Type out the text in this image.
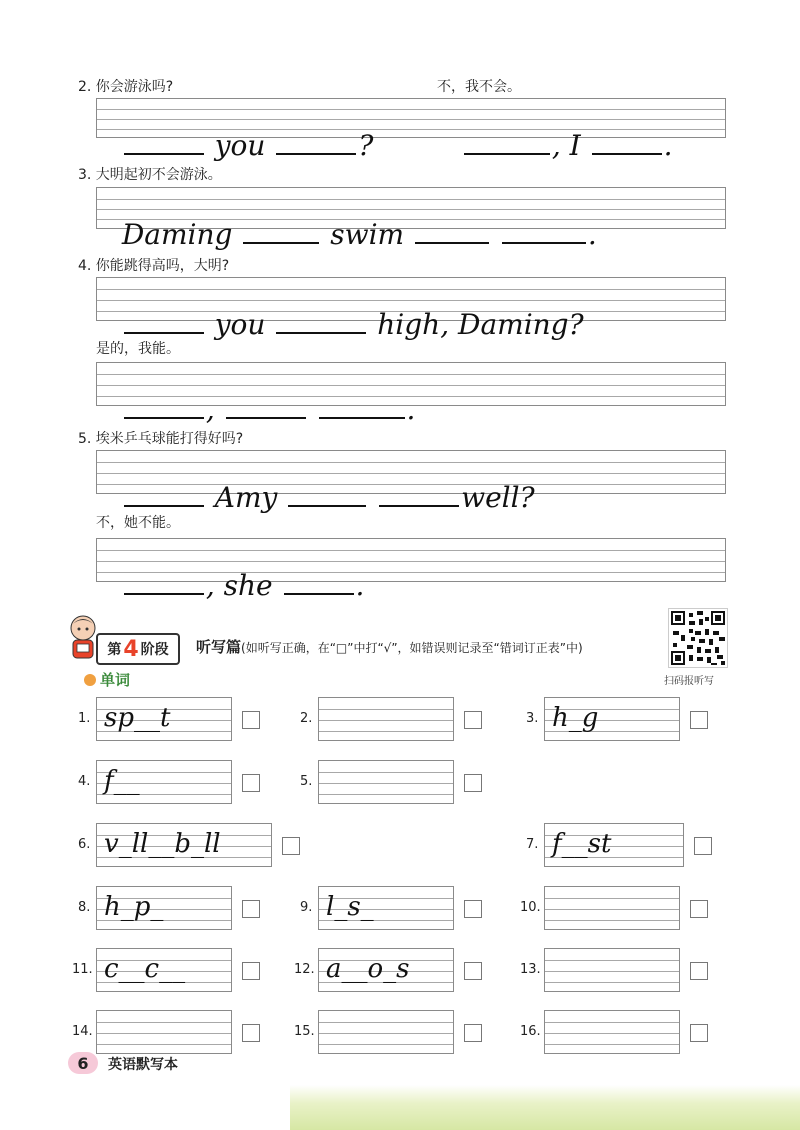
2. 你会游泳吗?	不，我不会。

you	?	, I	.

3. 大明起初不会游泳。

Daming	swim	.

4. 你能跳得高吗，大明?

you	high, Daming?

是的，我能。

,	.

5. 埃米乒乓球能打得好吗?

Amy	well?

不，她不能。

, she	.

第 4 阶段 听写篇(如听写正确，在“□”中打“√”，如错误则记录至“错词订正表”中)
扫码报听写
单词
1. sp__t	2.	3. h_g
4. f__	5.
6. v_ll__b_ll	7. f__st
8. h_p_	9. l_s_	10.
11. c__c__	12. a__o_s	13.
14.	15.	16.
6	英语默写本
